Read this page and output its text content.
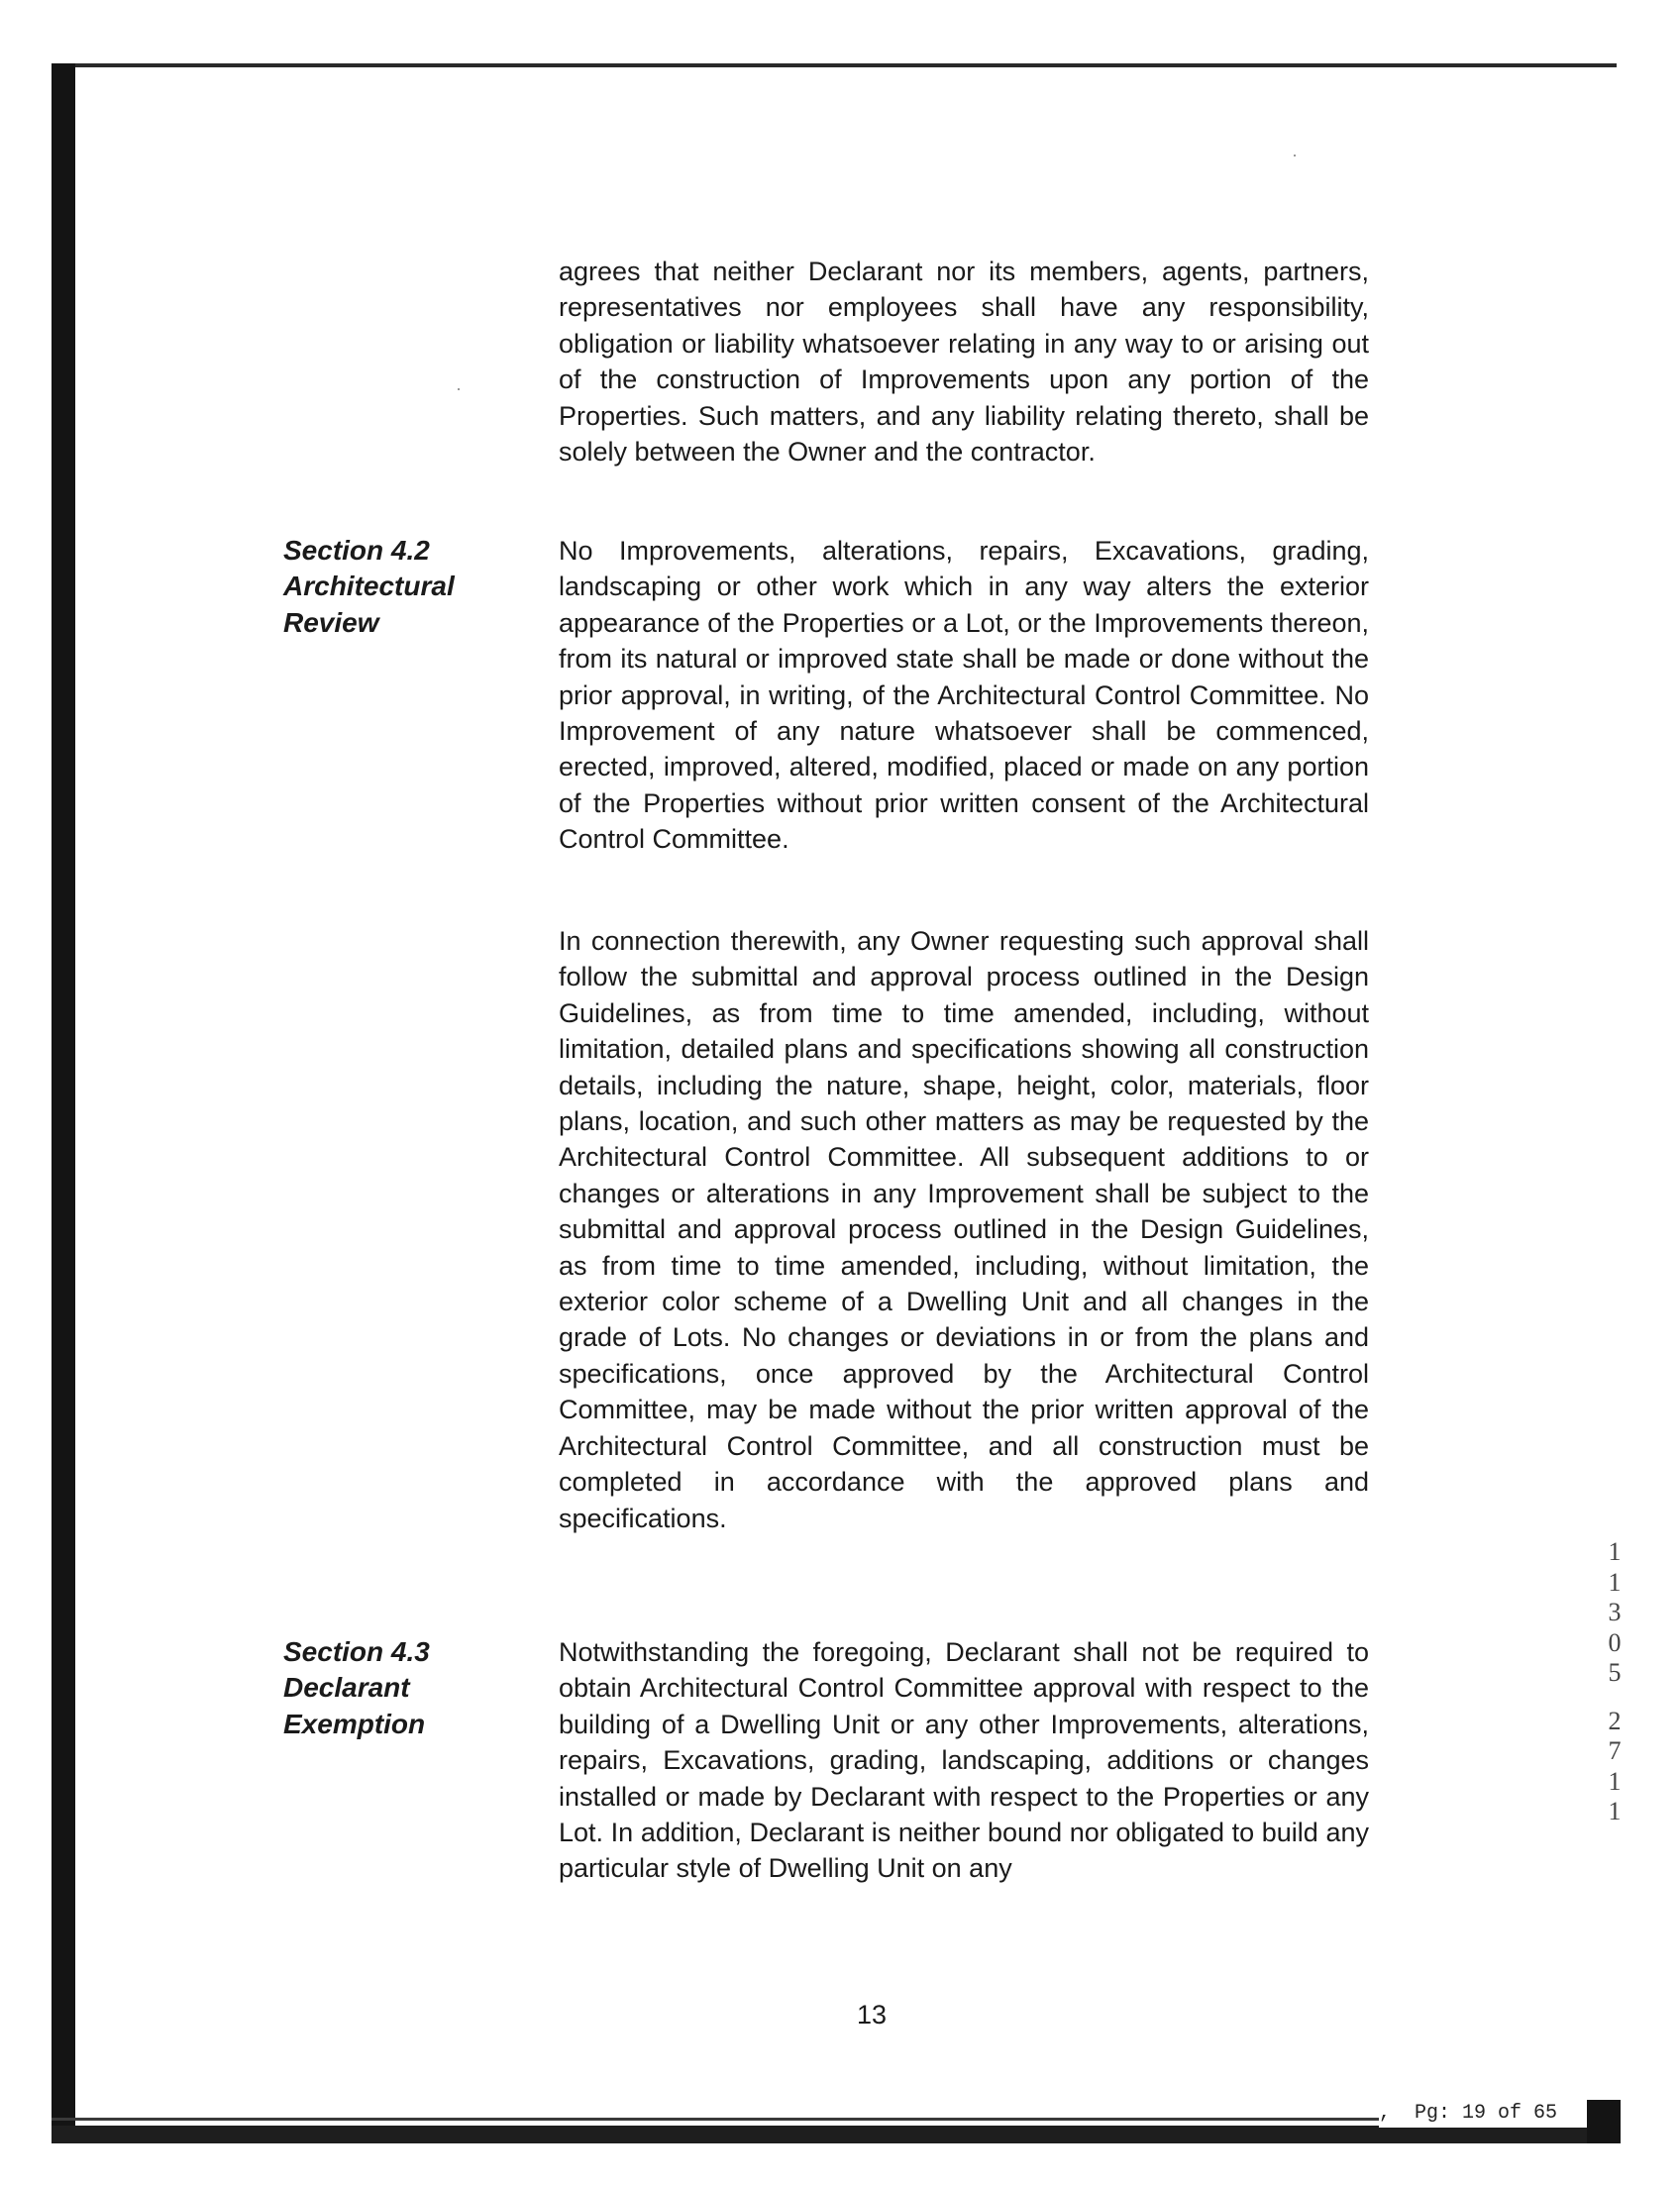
agrees that neither Declarant nor its members, agents, partners, representatives nor employees shall have any responsibility, obligation or liability whatsoever relating in any way to or arising out of the construction of Improvements upon any portion of the Properties. Such matters, and any liability relating thereto, shall be solely between the Owner and the contractor.

Section 4.2
Architectural
Review

No Improvements, alterations, repairs, Excavations, grading, landscaping or other work which in any way alters the exterior appearance of the Properties or a Lot, or the Improvements thereon, from its natural or improved state shall be made or done without the prior approval, in writing, of the Architectural Control Committee. No Improvement of any nature whatsoever shall be commenced, erected, improved, altered, modified, placed or made on any portion of the Properties without prior written consent of the Architectural Control Committee.

In connection therewith, any Owner requesting such approval shall follow the submittal and approval process outlined in the Design Guidelines, as from time to time amended, including, without limitation, detailed plans and specifications showing all construction details, including the nature, shape, height, color, materials, floor plans, location, and such other matters as may be requested by the Architectural Control Committee. All subsequent additions to or changes or alterations in any Improvement shall be subject to the submittal and approval process outlined in the Design Guidelines, as from time to time amended, including, without limitation, the exterior color scheme of a Dwelling Unit and all changes in the grade of Lots. No changes or deviations in or from the plans and specifications, once approved by the Architectural Control Committee, may be made without the prior written approval of the Architectural Control Committee, and all construction must be completed in accordance with the approved plans and specifications.

Section 4.3
Declarant
Exemption

Notwithstanding the foregoing, Declarant shall not be required to obtain Architectural Control Committee approval with respect to the building of a Dwelling Unit or any other Improvements, alterations, repairs, Excavations, grading, landscaping, additions or changes installed or made by Declarant with respect to the Properties or any Lot. In addition, Declarant is neither bound nor obligated to build any particular style of Dwelling Unit on any

13
1
1
3
0
5
2
7
1
1
,  Pg: 19 of 65
